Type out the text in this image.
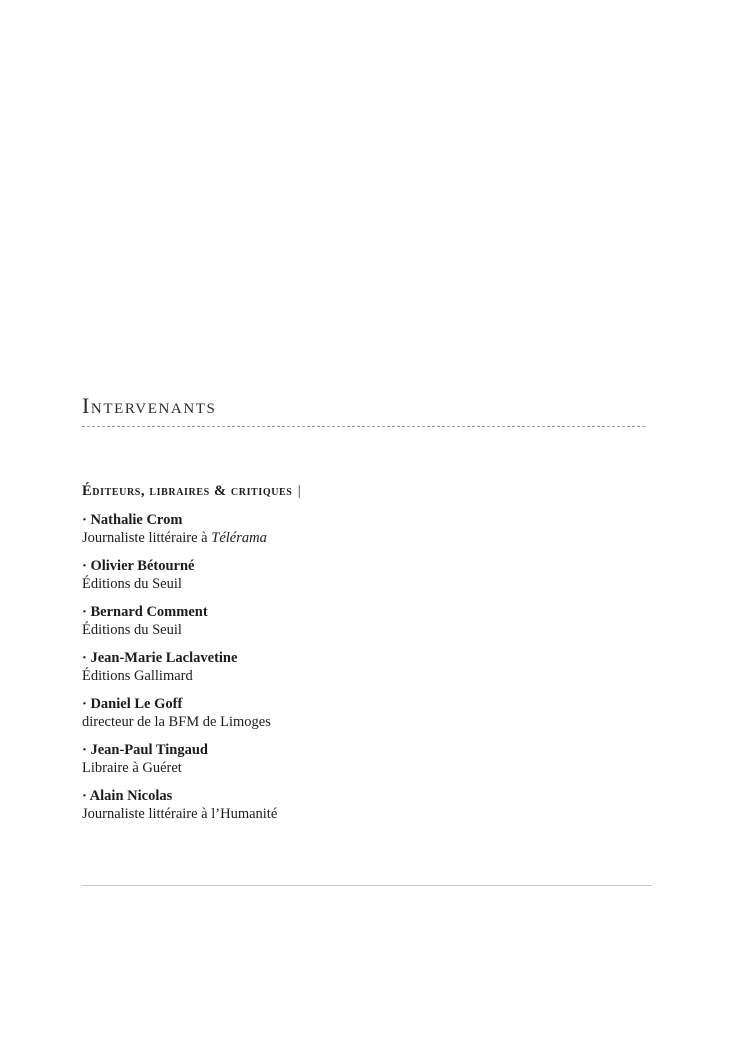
Intervenants
Éditeurs, libraires & critiques |
· Nathalie Crom
Journaliste littéraire à Télérama
· Olivier Bétourné
Éditions du Seuil
· Bernard Comment
Éditions du Seuil
· Jean-Marie Laclavetine
Éditions Gallimard
· Daniel Le Goff
directeur de la BFM de Limoges
· Jean-Paul Tingaud
Libraire à Guéret
· Alain Nicolas
Journaliste littéraire à l’Humanité
